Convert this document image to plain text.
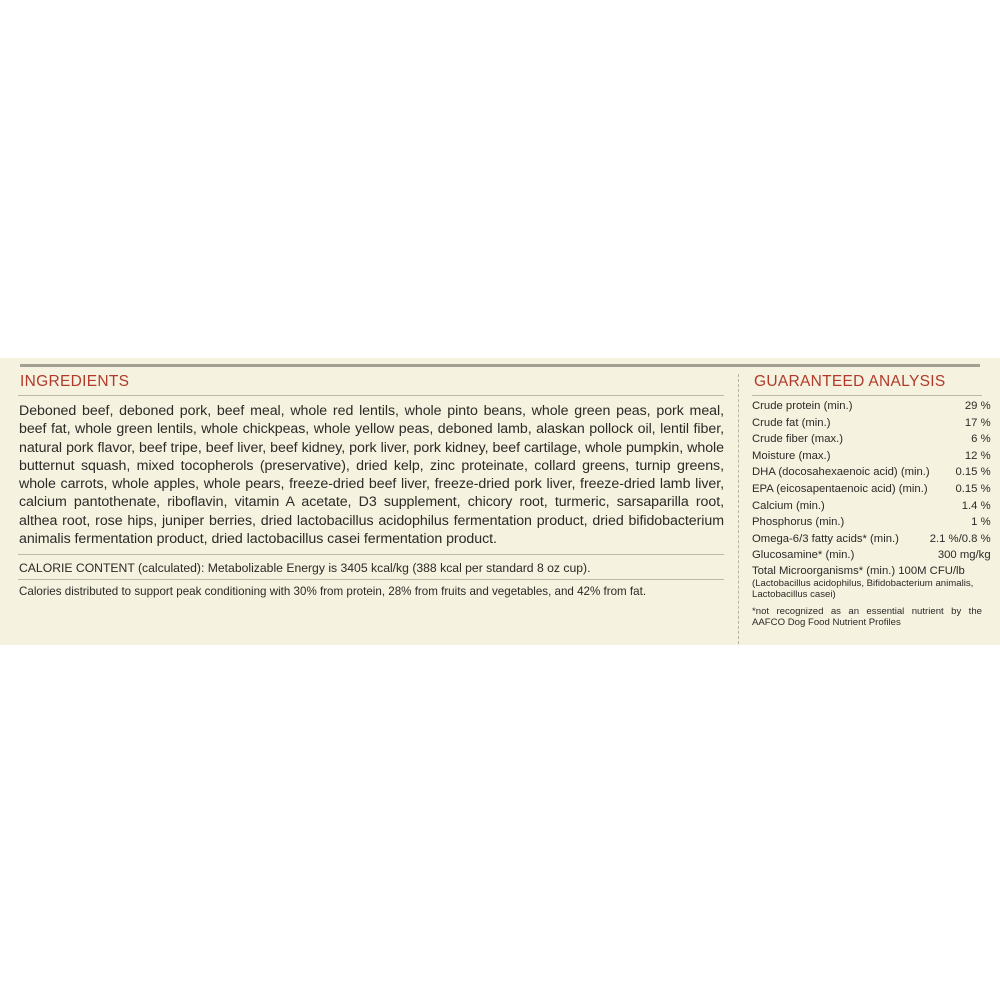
INGREDIENTS

Deboned beef, deboned pork, beef meal, whole red lentils, whole pinto beans, whole green peas, pork meal, beef fat, whole green lentils, whole chickpeas, whole yellow peas, deboned lamb, alaskan pollock oil, lentil fiber, natural pork flavor, beef tripe, beef liver, beef kidney, pork liver, pork kidney, beef cartilage, whole pumpkin, whole butternut squash, mixed tocopherols (preservative), dried kelp, zinc proteinate, collard greens, turnip greens, whole carrots, whole apples, whole pears, freeze-dried beef liver, freeze-dried pork liver, freeze-dried lamb liver, calcium pantothenate, riboflavin, vitamin A acetate, D3 supplement, chicory root, turmeric, sarsaparilla root, althea root, rose hips, juniper berries, dried lactobacillus acidophilus fermentation product, dried bifidobacterium animalis fermentation product, dried lactobacillus casei fermentation product.

CALORIE CONTENT (calculated): Metabolizable Energy is 3405 kcal/kg (388 kcal per standard 8 oz cup).
Calories distributed to support peak conditioning with 30% from protein, 28% from fruits and vegetables, and 42% from fat.
GUARANTEED ANALYSIS
Crude protein (min.)	29 %
Crude fat (min.)	17 %
Crude fiber (max.)	6 %
Moisture (max.)	12 %
DHA (docosahexaenoic acid) (min.)	0.15 %
EPA (eicosapentaenoic acid) (min.)	0.15 %
Calcium (min.)	1.4 %
Phosphorus (min.)	1 %
Omega-6/3 fatty acids* (min.)	2.1 %/0.8 %
Glucosamine* (min.)	300 mg/kg
Total Microorganisms* (min.) 100M CFU/lb
(Lactobacillus acidophilus, Bifidobacterium animalis, Lactobacillus casei)
*not recognized as an essential nutrient by the AAFCO Dog Food Nutrient Profiles
